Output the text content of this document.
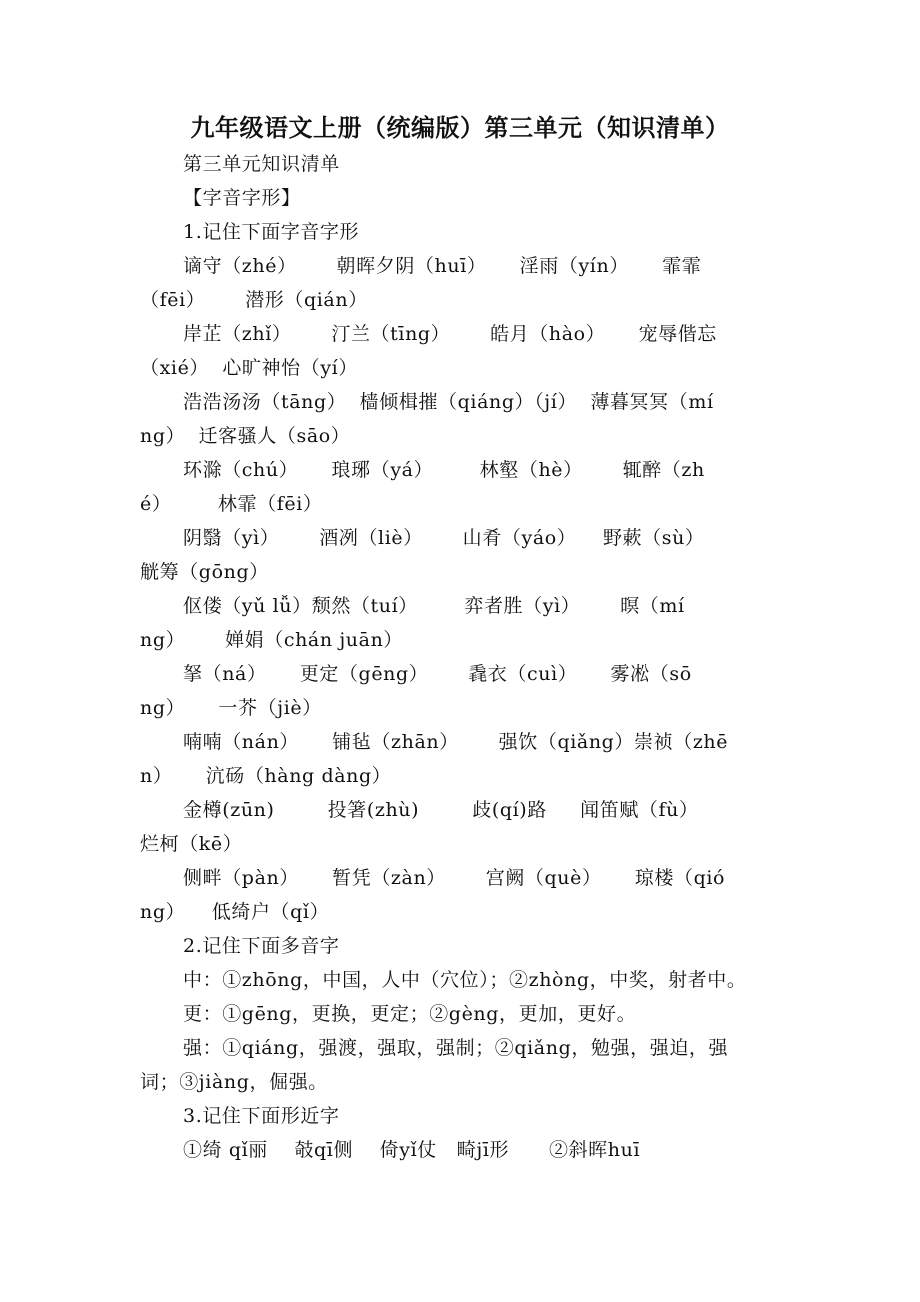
九年级语文上册（统编版）第三单元（知识清单）
第三单元知识清单
【字音字形】
1.记住下面字音字形
谪守（zhé）      朝晖夕阴（huī）     淫雨（yín）     霏霏
（fēi）      潜形（qián）
岸芷（zhǐ）      汀兰（tīng）      皓月（hào）     宠辱偕忘
（xié）  心旷神怡（yí）
浩浩汤汤（tāng）  樯倾楫摧（qiáng）（jí）  薄暮冥冥（mí
ng）  迁客骚人（sāo）
环滁（chú）     琅琊（yá）       林壑（hè）      辄醉（zh
é）       林霏（fēi）
阴翳（yì）      酒冽（liè）      山肴（yáo）    野蔌（sù）
觥筹（gōng）
伛偻（yǔ lǚ）颓然（tuí）       弈者胜（yì）      暝（mí
ng）      婵娟（chán juān）
拏（ná）     更定（gēng）      毳衣（cuì）     雾凇（sō
ng）     一芥（jiè）
喃喃（nán）     铺毡（zhān）      强饮（qiǎng）崇祯（zhē
n）     沆砀（hàng dàng）
金樽(zūn)        投箸(zhù)        歧(qí)路     闻笛赋（fù）
烂柯（kē）
侧畔（pàn）     暂凭（zàn）      宫阙（què）     琼楼（qió
ng）    低绮户（qǐ）
2.记住下面多音字
中：①zhōng，中国，人中（穴位）；②zhòng，中奖，射者中。
更：①gēng，更换，更定；②gèng，更加，更好。
强：①qiáng，强渡，强取，强制；②qiǎng，勉强，强迫，强
词；③jiàng，倔强。
3.记住下面形近字
①绮 qǐ丽    攲qī侧    倚yǐ仗   畸jī形      ②斜晖huī
